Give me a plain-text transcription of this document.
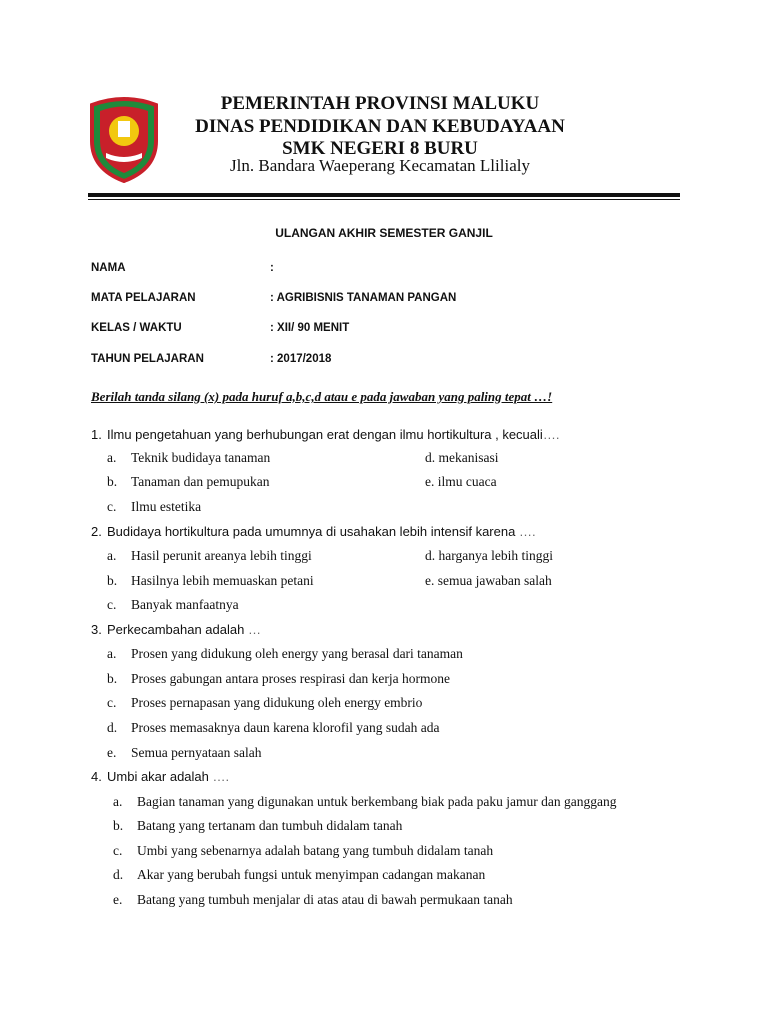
PEMERINTAH PROVINSI MALUKU
DINAS PENDIDIKAN DAN KEBUDAYAAN
SMK NEGERI 8 BURU
Jln. Bandara Waeperang Kecamatan Llilialy
ULANGAN AKHIR SEMESTER GANJIL
NAMA	:
MATA PELAJARAN	: AGRIBISNIS TANAMAN PANGAN
KELAS / WAKTU	: XII/ 90 MENIT
TAHUN PELAJARAN	: 2017/2018
Berilah tanda silang (x) pada huruf a,b,c,d atau e pada jawaban yang paling tepat …!
1. Ilmu pengetahuan yang berhubungan erat dengan ilmu hortikultura , kecuali….
a. Teknik budidaya tanaman	d. mekanisasi
b. Tanaman dan pemupukan	e. ilmu cuaca
c. Ilmu estetika
2. Budidaya hortikultura pada umumnya di usahakan lebih intensif karena ….
a. Hasil perunit areanya lebih tinggi	d. harganya lebih tinggi
b. Hasilnya lebih memuaskan petani	e. semua jawaban salah
c. Banyak manfaatnya
3. Perkecambahan adalah …
a. Prosen yang didukung oleh energy yang berasal dari tanaman
b. Proses gabungan antara proses respirasi dan kerja hormone
c. Proses pernapasan yang didukung oleh energy embrio
d. Proses memasaknya daun karena klorofil yang sudah ada
e. Semua pernyataan salah
4. Umbi akar adalah ….
a. Bagian tanaman yang digunakan untuk berkembang biak pada paku jamur dan ganggang
b. Batang yang tertanam dan tumbuh didalam tanah
c. Umbi yang sebenarnya adalah batang yang tumbuh didalam tanah
d. Akar yang berubah fungsi untuk menyimpan cadangan makanan
e. Batang yang tumbuh menjalar di atas atau di bawah permukaan tanah
